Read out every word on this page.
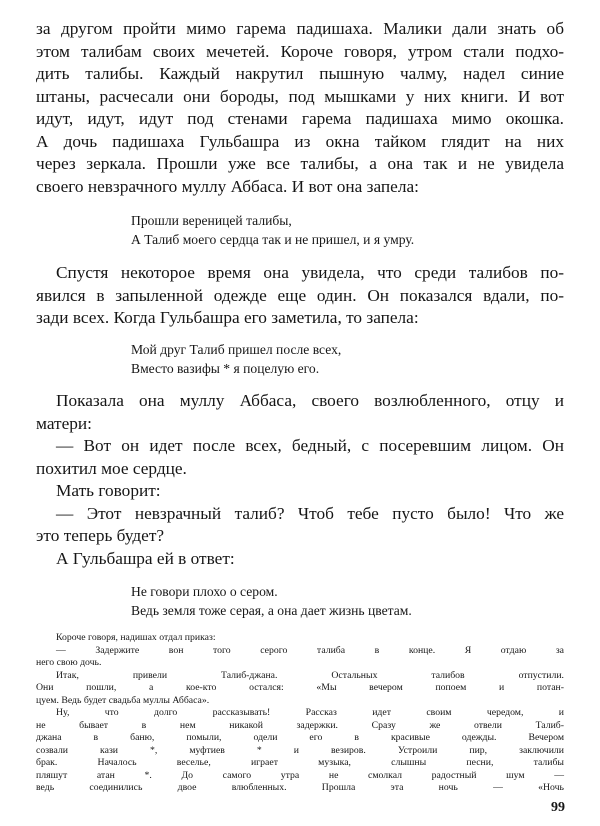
за другом пройти мимо гарема падишаха. Малики дали знать об
этом талибам своих мечетей. Короче говоря, утром стали подхо-
дить талибы. Каждый накрутил пышную чалму, надел синие
штаны, расчесали они бороды, под мышками у них книги. И вот
идут, идут, идут под стенами гарема падишаха мимо окошка.
А дочь падишаха Гульбашра из окна тайком глядит на них
через зеркала. Прошли уже все талибы, а она так и не увидела
своего невзрачного муллу Аббаса. И вот она запела:
Прошли вереницей талибы,
А Талиб моего сердца так и не пришел, и я умру.
Спустя некоторое время она увидела, что среди талибов по-
явился в запыленной одежде еще один. Он показался вдали, по-
зади всех. Когда Гульбашра его заметила, то запела:
Мой друг Талиб пришел после всех,
Вместо вазифы * я поцелую его.
Показала она муллу Аббаса, своего возлюбленного, отцу и
матери:
— Вот он идет после всех, бедный, с посеревшим лицом. Он
похитил мое сердце.
Мать говорит:
— Этот невзрачный талиб? Чтоб тебе пусто было! Что же
это теперь будет?
А Гульбашра ей в ответ:
Не говори плохо о сером.
Ведь земля тоже серая, а она дает жизнь цветам.
Короче говоря, надишах отдал приказ:
— Задержите вон того серого талиба в конце. Я отдаю за
него свою дочь.
Итак, привели Талиб-джана. Остальных талибов отпустили.
Они пошли, а кое-кто остался: «Мы вечером попоем и потан-
цуем. Ведь будет свадьба муллы Аббаса».
Ну, что долго рассказывать! Рассказ идет своим чередом, и
99
не бывает в нем никакой задержки. Сразу же отвели Талиб-
джана в баню, помыли, одели его в красивые одежды. Вечером
созвали кази *, муфтиев * и везиров. Устроили пир, заключили
брак. Началось веселье, играет музыка, слышны песни, талибы
пляшут атан *. До самого утра не смолкал радостный шум —
ведь соединились двое влюбленных. Прошла эта ночь — «Ночь
